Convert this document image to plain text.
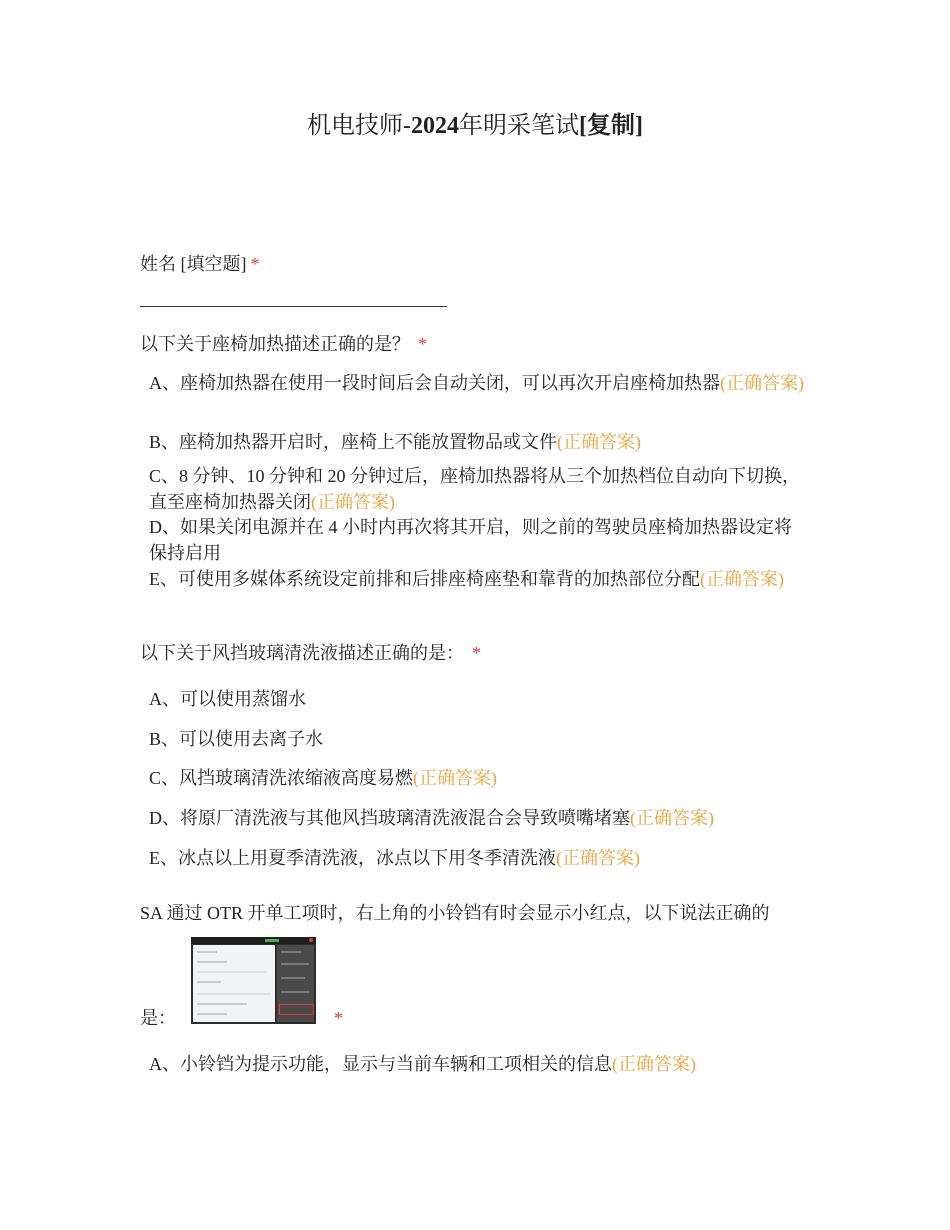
机电技师-2024年明采笔试[复制]
姓名 [填空题] *
以下关于座椅加热描述正确的是？ *
A、座椅加热器在使用一段时间后会自动关闭，可以再次开启座椅加热器(正确答案)
B、座椅加热器开启时，座椅上不能放置物品或文件(正确答案)
C、8 分钟、10 分钟和 20 分钟过后，座椅加热器将从三个加热档位自动向下切换，直至座椅加热器关闭(正确答案)
D、如果关闭电源并在 4 小时内再次将其开启，则之前的驾驶员座椅加热器设定将保持启用
E、可使用多媒体系统设定前排和后排座椅座垫和靠背的加热部位分配(正确答案)
以下关于风挡玻璃清洗液描述正确的是： *
A、可以使用蒸馏水
B、可以使用去离子水
C、风挡玻璃清洗浓缩液高度易燃(正确答案)
D、将原厂清洗液与其他风挡玻璃清洗液混合会导致喷嘴堵塞(正确答案)
E、冰点以上用夏季清洗液，冰点以下用冬季清洗液(正确答案)
SA 通过 OTR 开单工项时，右上角的小铃铛有时会显示小红点，以下说法正确的
是：	*
A、小铃铛为提示功能，显示与当前车辆和工项相关的信息(正确答案)
